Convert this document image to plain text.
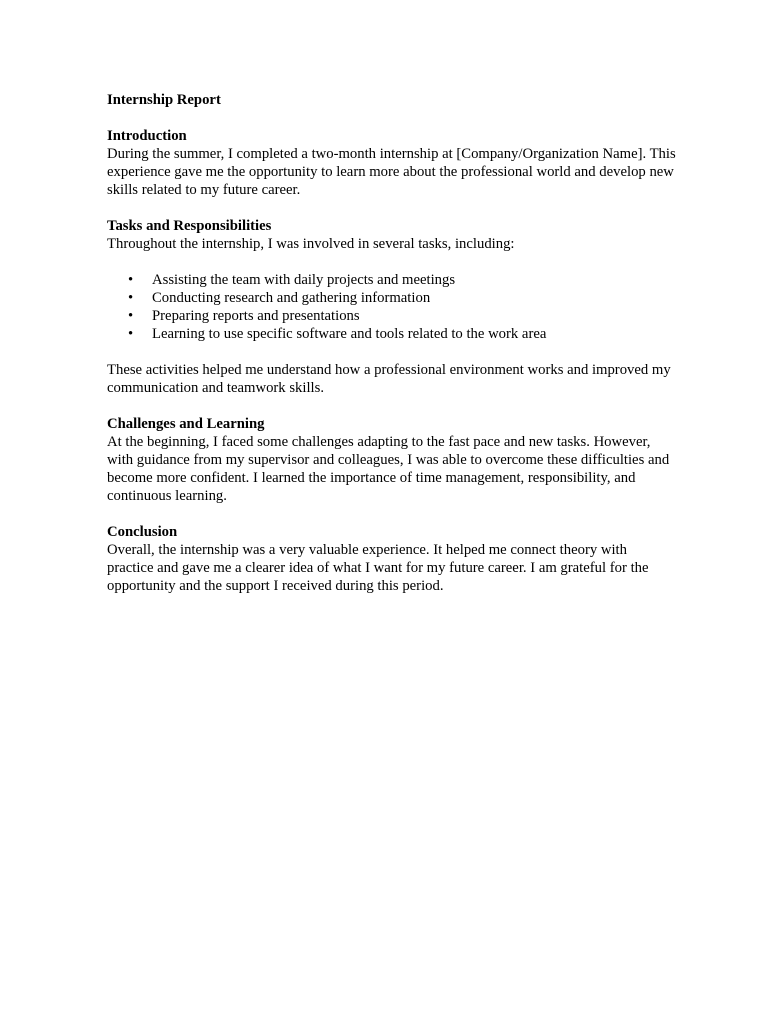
Internship Report

Introduction

During the summer, I completed a two-month internship at [Company/Organization Name]. This experience gave me the opportunity to learn more about the professional world and develop new skills related to my future career.

Tasks and Responsibilities

Throughout the internship, I was involved in several tasks, including:

• Assisting the team with daily projects and meetings
• Conducting research and gathering information
• Preparing reports and presentations
• Learning to use specific software and tools related to the work area

These activities helped me understand how a professional environment works and improved my communication and teamwork skills.

Challenges and Learning

At the beginning, I faced some challenges adapting to the fast pace and new tasks. However, with guidance from my supervisor and colleagues, I was able to overcome these difficulties and become more confident. I learned the importance of time management, responsibility, and continuous learning.

Conclusion

Overall, the internship was a very valuable experience. It helped me connect theory with practice and gave me a clearer idea of what I want for my future career. I am grateful for the opportunity and the support I received during this period.
